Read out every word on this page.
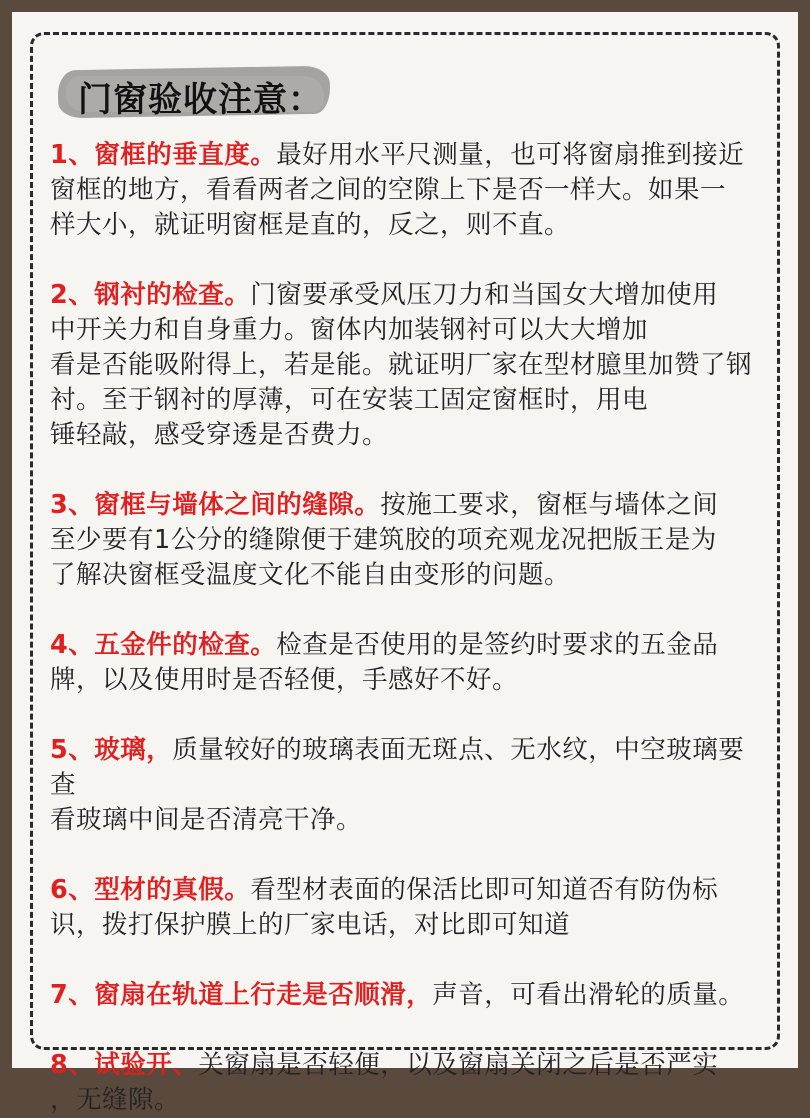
门窗验收注意：

1、窗框的垂直度。最好用水平尺测量，也可将窗扇推到接近
窗框的地方，看看两者之间的空隙上下是否一样大。如果一
样大小，就证明窗框是直的，反之，则不直。

2、钢衬的检查。门窗要承受风压刀力和当国女大增加使用
中开关力和自身重力。窗体内加装钢衬可以大大增加
看是否能吸附得上，若是能。就证明厂家在型材臆里加赞了钢
衬。至于钢衬的厚薄，可在安装工固定窗框时，用电
锤轻敲，感受穿透是否费力。

3、窗框与墙体之间的缝隙。按施工要求，窗框与墙体之间
至少要有1公分的缝隙便于建筑胶的项充观龙况把版王是为
了解决窗框受温度文化不能自由变形的问题。

4、五金件的检查。检查是否使用的是签约时要求的五金品
牌，以及使用时是否轻便，手感好不好。

5、玻璃，质量较好的玻璃表面无斑点、无水纹，中空玻璃要查
看玻璃中间是否清亮干净。

6、型材的真假。看型材表面的保活比即可知道否有防伪标
识，拨打保护膜上的厂家电话，对比即可知道

7、窗扇在轨道上行走是否顺滑，声音，可看出滑轮的质量。

8、试验开、关窗扇是否轻便，以及窗扇关闭之后是否严实
，无缝隙。
